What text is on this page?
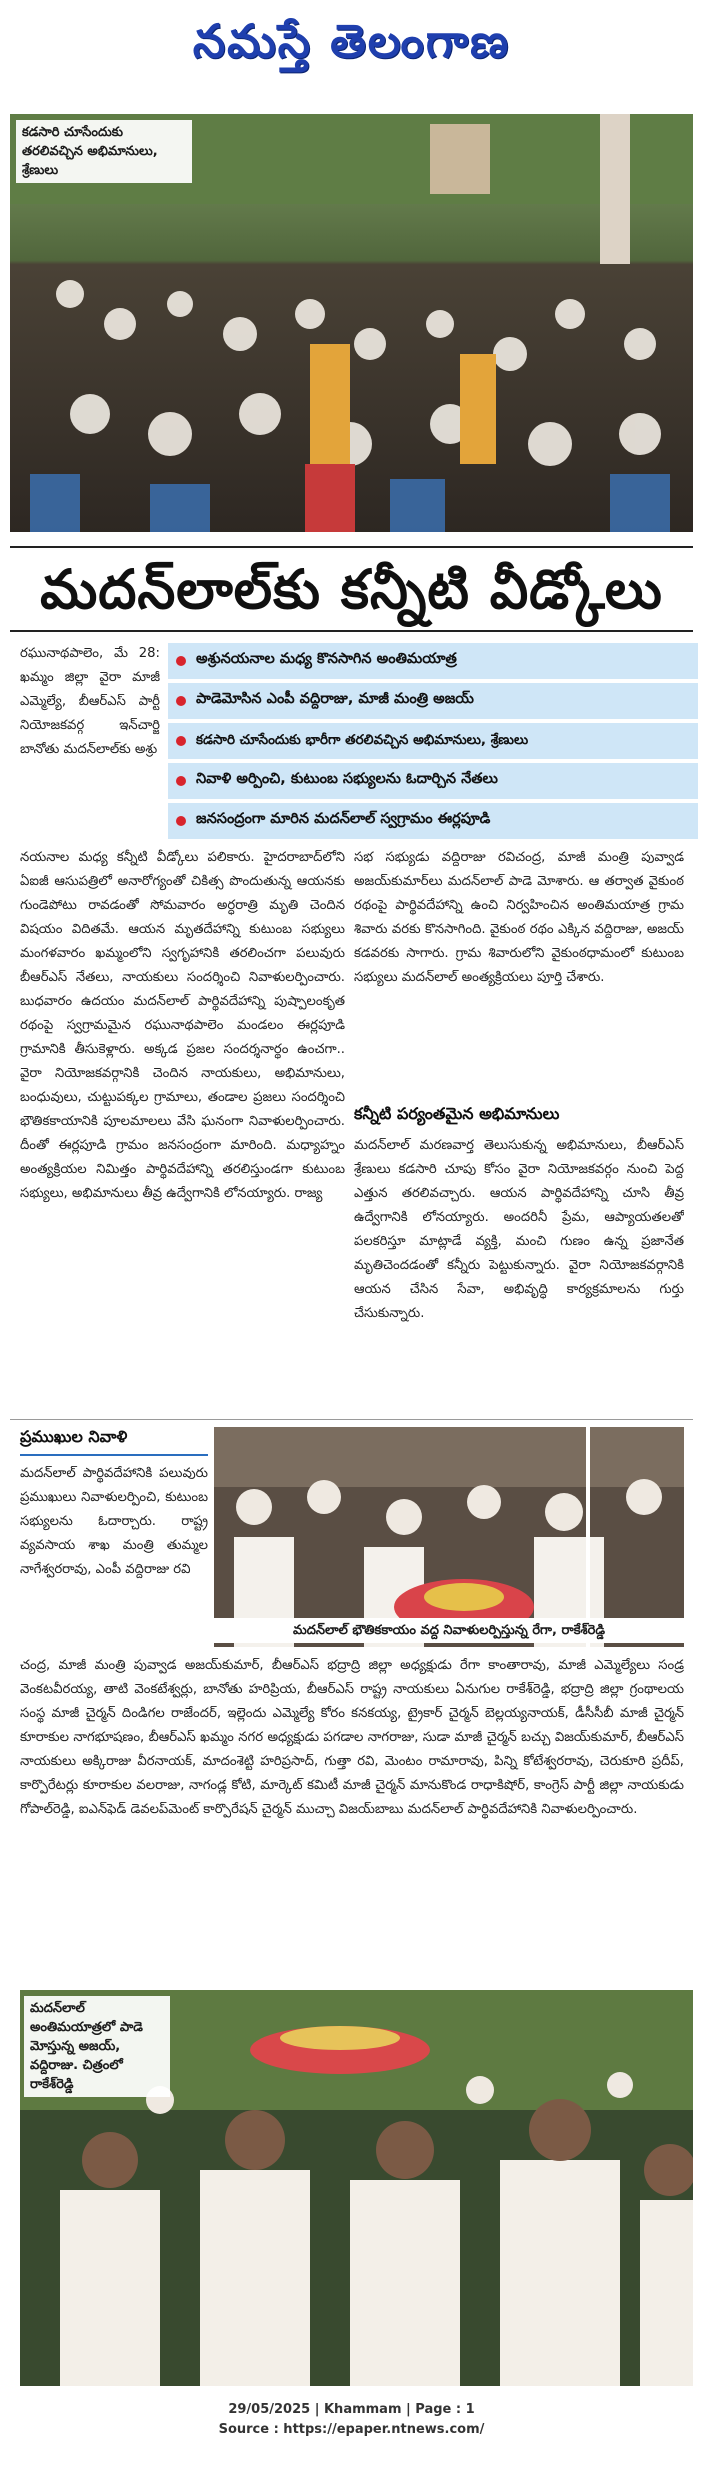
నమస్తే తెలంగాణ
కడసారి చూసేందుకు తరలివచ్చిన అభిమానులు, శ్రేణులు
మదన్‌లాల్‌కు కన్నీటి వీడ్కోలు
రఘునాథపాలెం, మే 28: ఖమ్మం జిల్లా వైరా మాజీ ఎమ్మెల్యే, బీఆర్‌ఎస్ పార్టీ నియోజకవర్గ ఇన్‌చార్జి బానోతు మదన్‌లాల్‌కు అశ్రు
అశ్రునయనాల మధ్య కొనసాగిన అంతిమయాత్ర
పాడెమోసిన ఎంపీ వద్దిరాజు, మాజీ మంత్రి అజయ్
కడసారి చూసేందుకు భారీగా తరలివచ్చిన అభిమానులు, శ్రేణులు
నివాళి అర్పించి, కుటుంబ సభ్యులను ఓదార్చిన నేతలు
జనసంద్రంగా మారిన మదన్‌లాల్ స్వగ్రామం ఈర్లపూడి
నయనాల మధ్య కన్నీటి వీడ్కోలు పలికారు. హైదరాబాద్‌లోని ఏఐజీ ఆసుపత్రిలో అనారోగ్యంతో చికిత్స పొందుతున్న ఆయనకు గుండెపోటు రావడంతో సోమవారం అర్ధరాత్రి మృతి చెందిన విషయం విదితమే. ఆయన మృతదేహాన్ని కుటుంబ సభ్యులు మంగళవారం ఖమ్మంలోని స్వగృహానికి తరలించగా పలువురు బీఆర్‌ఎస్ నేతలు, నాయకులు సందర్శించి నివాళులర్పించారు. బుధవారం ఉదయం మదన్‌లాల్ పార్థివదేహాన్ని పుష్పాలంకృత రథంపై స్వగ్రామమైన రఘునాథపాలెం మండలం ఈర్లపూడి గ్రామానికి తీసుకెళ్లారు. అక్కడ ప్రజల సందర్శనార్థం ఉంచగా.. వైరా నియోజకవర్గానికి చెందిన నాయకులు, అభిమానులు, బంధువులు, చుట్టుపక్కల గ్రామాలు, తండాల ప్రజలు సందర్శించి భౌతికకాయానికి పూలమాలలు వేసి ఘనంగా నివాళులర్పించారు. దీంతో ఈర్లపూడి గ్రామం జనసంద్రంగా మారింది. మధ్యాహ్నం అంత్యక్రియల నిమిత్తం పార్థివదేహాన్ని తరలిస్తుండగా కుటుంబ సభ్యులు, అభిమానులు తీవ్ర ఉద్వేగానికి లోనయ్యారు. రాజ్య
సభ సభ్యుడు వద్దిరాజు రవిచంద్ర, మాజీ మంత్రి పువ్వాడ అజయ్‌కుమార్‌లు మదన్‌లాల్ పాడె మోశారు. ఆ తర్వాత వైకుంఠ రథంపై పార్థివదేహాన్ని ఉంచి నిర్వహించిన అంతిమయాత్ర గ్రామ శివారు వరకు కొనసాగింది. వైకుంఠ రథం ఎక్కిన వద్దిరాజు, అజయ్ కడవరకు సాగారు. గ్రామ శివారులోని వైకుంఠధామంలో కుటుంబ సభ్యులు మదన్‌లాల్ అంత్యక్రియలు పూర్తి చేశారు.
కన్నీటి పర్యంతమైన అభిమానులు
మదన్‌లాల్ మరణవార్త తెలుసుకున్న అభిమానులు, బీఆర్‌ఎస్ శ్రేణులు కడసారి చూపు కోసం వైరా నియోజకవర్గం నుంచి పెద్ద ఎత్తున తరలివచ్చారు. ఆయన పార్థివదేహాన్ని చూసి తీవ్ర ఉద్వేగానికి లోనయ్యారు. అందరినీ ప్రేమ, ఆప్యాయతలతో పలకరిస్తూ మాట్లాడే వ్యక్తి, మంచి గుణం ఉన్న ప్రజానేత మృతిచెందడంతో కన్నీరు పెట్టుకున్నారు. వైరా నియోజకవర్గానికి ఆయన చేసిన సేవా, అభివృద్ధి కార్యక్రమాలను గుర్తు చేసుకున్నారు.
ప్రముఖుల నివాళి
మదన్‌లాల్ పార్థివదేహానికి పలువురు ప్రముఖులు నివాళులర్పించి, కుటుంబ సభ్యులను ఓదార్చారు. రాష్ట్ర వ్యవసాయ శాఖ మంత్రి తుమ్మల నాగేశ్వరరావు, ఎంపీ వద్దిరాజు రవి
మదన్‌లాల్ భౌతికకాయం వద్ద నివాళులర్పిస్తున్న రేగా, రాకేశ్‌రెడ్డి
చంద్ర, మాజీ మంత్రి పువ్వాడ అజయ్‌కుమార్, బీఆర్‌ఎస్ భద్రాద్రి జిల్లా అధ్యక్షుడు రేగా కాంతారావు, మాజీ ఎమ్మెల్యేలు సండ్ర వెంకటవీరయ్య, తాటి వెంకటేశ్వర్లు, బానోతు హరిప్రియ, బీఆర్‌ఎస్ రాష్ట్ర నాయకులు ఏనుగుల రాకేశ్‌రెడ్డి, భద్రాద్రి జిల్లా గ్రంథాలయ సంస్థ మాజీ చైర్మన్ దిండిగల రాజేందర్, ఇల్లెందు ఎమ్మెల్యే కోరం కనకయ్య, ట్రైకార్ చైర్మన్ బెల్లయ్యనాయక్, డీసీసీబీ మాజీ చైర్మన్ కూరాకుల నాగభూషణం, బీఆర్‌ఎస్ ఖమ్మం నగర అధ్యక్షుడు పగడాల నాగరాజు, సుడా మాజీ చైర్మన్ బచ్చు విజయ్‌కుమార్, బీఆర్‌ఎస్ నాయకులు అక్కిరాజు వీరనాయక్, మాదంశెట్టి హరిప్రసాద్, గుత్తా రవి, మెంటం రామారావు, పిన్ని కోటేశ్వరరావు, చెరుకూరి ప్రదీప్, కార్పొరేటర్లు కూరాకుల వలరాజు, నాగండ్ల కోటి, మార్కెట్ కమిటీ మాజీ చైర్మన్ మానుకొండ రాధాకిషోర్, కాంగ్రెస్ పార్టీ జిల్లా నాయకుడు గోపాల్‌రెడ్డి, ఐఎన్‌ఫెడ్ డెవలప్‌మెంట్ కార్పొరేషన్ చైర్మన్ ముచ్చా విజయ్‌బాబు మదన్‌లాల్ పార్థివదేహానికి నివాళులర్పించారు.
మదన్‌లాల్ అంతిమయాత్రలో పాడె మోస్తున్న అజయ్, వద్దిరాజు. చిత్రంలో రాకేశ్‌రెడ్డి
29/05/2025 | Khammam | Page : 1
Source : https://epaper.ntnews.com/
